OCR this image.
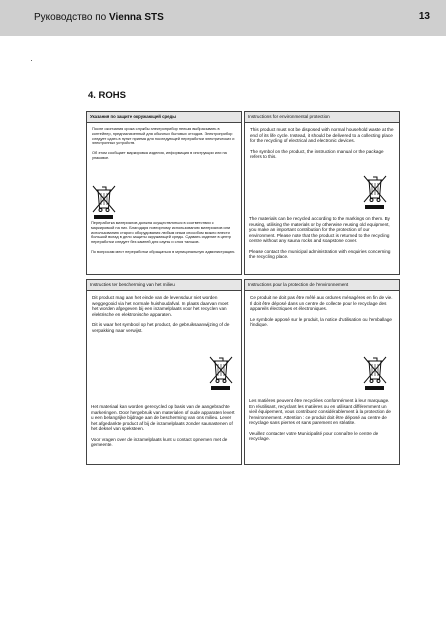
Руководство по Vienna STS	13
4. ROHS
Указания по защите окружающей среды

После окончания срока службы электроприбор нельзя выбрасывать в контейнер, предназначенный для обычных бытовых отходов. Электроприбор следует сдать в пункт приема для последующей переработки электрических и электронных устройств.

Об этом сообщает маркировка изделия, информация в инструкции или на упаковке.

Instructions for environmental protection

This product must not be disposed with normal household waste at the end of its life cycle. Instead, it should be delivered to a collecting place for the recycling of electrical and electronic devices.

The symbol on the product, the instruction manual or the package refers to this.

Instructies ter bescherming van het milieu

Dit product mag aan het einde van de levensduur niet worden weggegooid via het normale huishoudafval. In plaats daarvan moet het worden afgegeven bij een inzamelplaats voor het recyclen van elektrische en elektronische apparaten.

Dit is waar het symbool op het product, de gebruiksaanwijzing of de verpakking naar verwijst.

Instructions pour la protection de l'environnement

Ce produit ne doit pas être mêlé aux ordures ménagères en fin de vie. Il doit être déposé dans un centre de collecte pour le recyclage des appareils électriques et électroniques.

Le symbole apposé sur le produit, la notice d'utilisation ou l'emballage l'indique.

Переработка материалов должна осуществляться в соответствии с маркировкой на них. Благодаря повторному использованию материалов или использованию старого оборудования любым иным способом можно внести большой вклад в дело защиты окружающей среды. Сдавать изделие в центр переработки следует без камней для сауны и слоя тальков.

По вопросам мест переработки обращаться в муниципальную администрацию.

The materials can be recycled according to the markings on them. By reusing, utilising the materials or by otherwise reusing old equipment, you make an important contribution for the protection of our environment. Please note that the product is returned to the recycling centre without any sauna rocks and soapstone cover.

Please contact the municipal administration with enquiries concerning the recycling place.

Het materiaal kan worden gerecycled op basis van de aangebrachte markeringen. Door hergebruik van materialen of oude apparaten levert u een belangrijke bijdrage aan de bescherming van ons milieu. Lever het afgedankte product af bij de inzamelplaats zonder saunastenen of het deksel van speksteen.

Voor vragen over de inzamelplaats kunt u contact opnemen met de gemeente.

Les matières peuvent être recyclées conformément à leur marquage. En réutilisant, recyclant les matières ou en utilisant différemment un vieil équipement, vous contribuez considérablement à la protection de l'environnement. Attention : ce produit doit être déposé au centre de recyclage sans pierres et sans parement en stéatite.

Veuillez contacter votre Municipalité pour connaître le centre de recyclage.
